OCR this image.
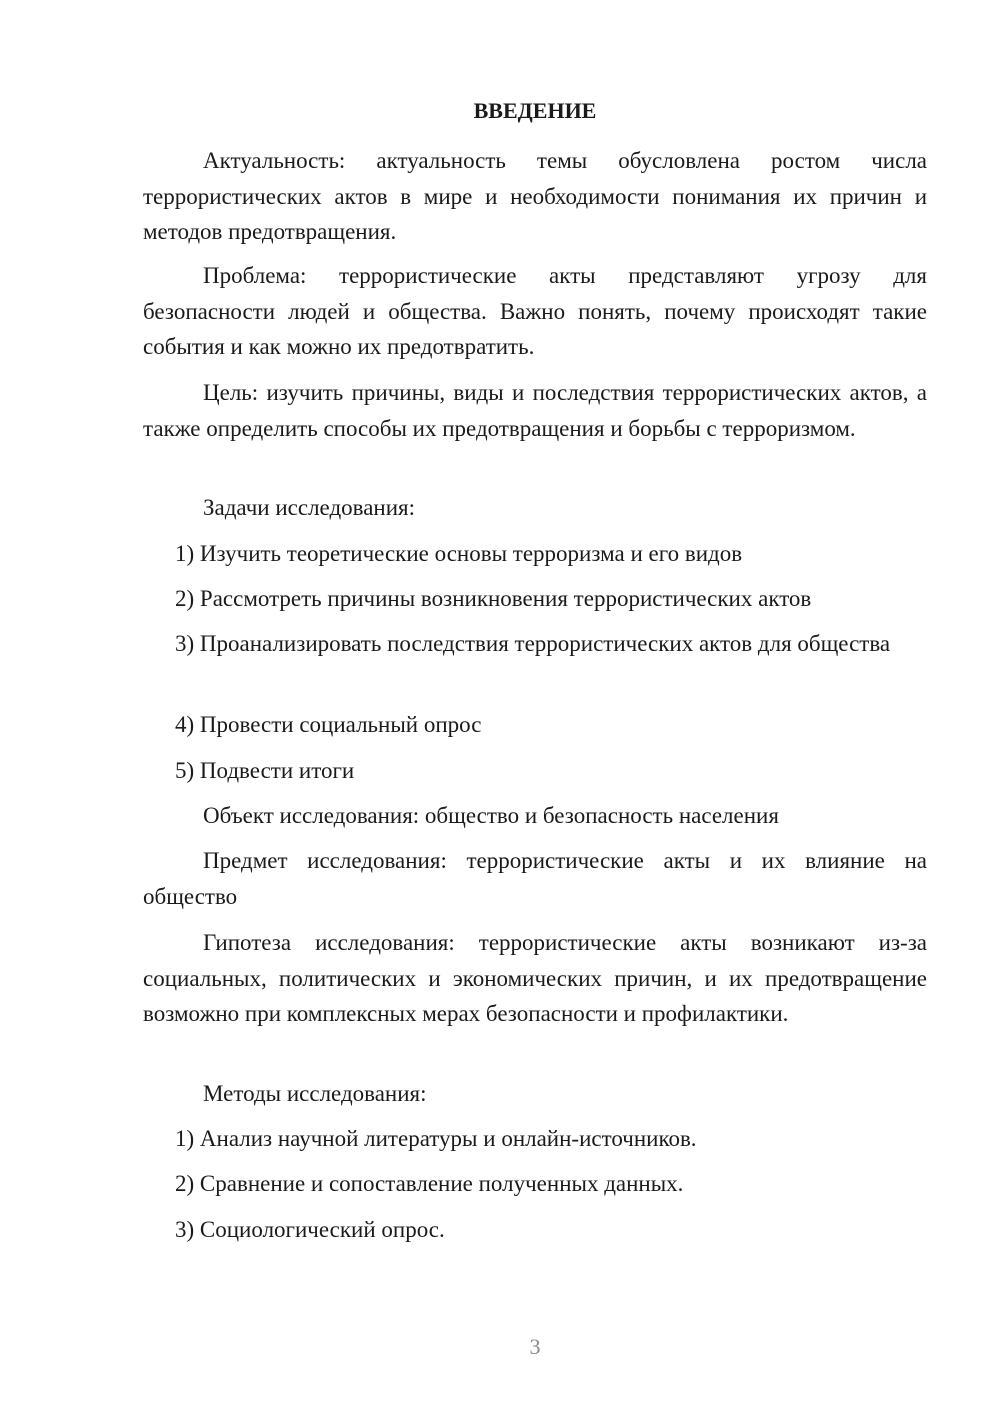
ВВЕДЕНИЕ

Актуальность: актуальность темы обусловлена ростом числа террористических актов в мире и необходимости понимания их причин и методов предотвращения.

Проблема: террористические акты представляют угрозу для безопасности людей и общества. Важно понять, почему происходят такие события и как можно их предотвратить.

Цель: изучить причины, виды и последствия террористических актов, а также определить способы их предотвращения и борьбы с терроризмом.

Задачи исследования:

1) Изучить теоретические основы терроризма и его видов

2) Рассмотреть причины возникновения террористических актов

3) Проанализировать последствия террористических актов для общества

4) Провести социальный опрос

5) Подвести итоги

Объект исследования: общество и безопасность населения

Предмет исследования: террористические акты и их влияние на общество

Гипотеза исследования: террористические акты возникают из-за социальных, политических и экономических причин, и их предотвращение возможно при комплексных мерах безопасности и профилактики.

Методы исследования:

1) Анализ научной литературы и онлайн-источников.

2) Сравнение и сопоставление полученных данных.

3) Социологический опрос.

3
